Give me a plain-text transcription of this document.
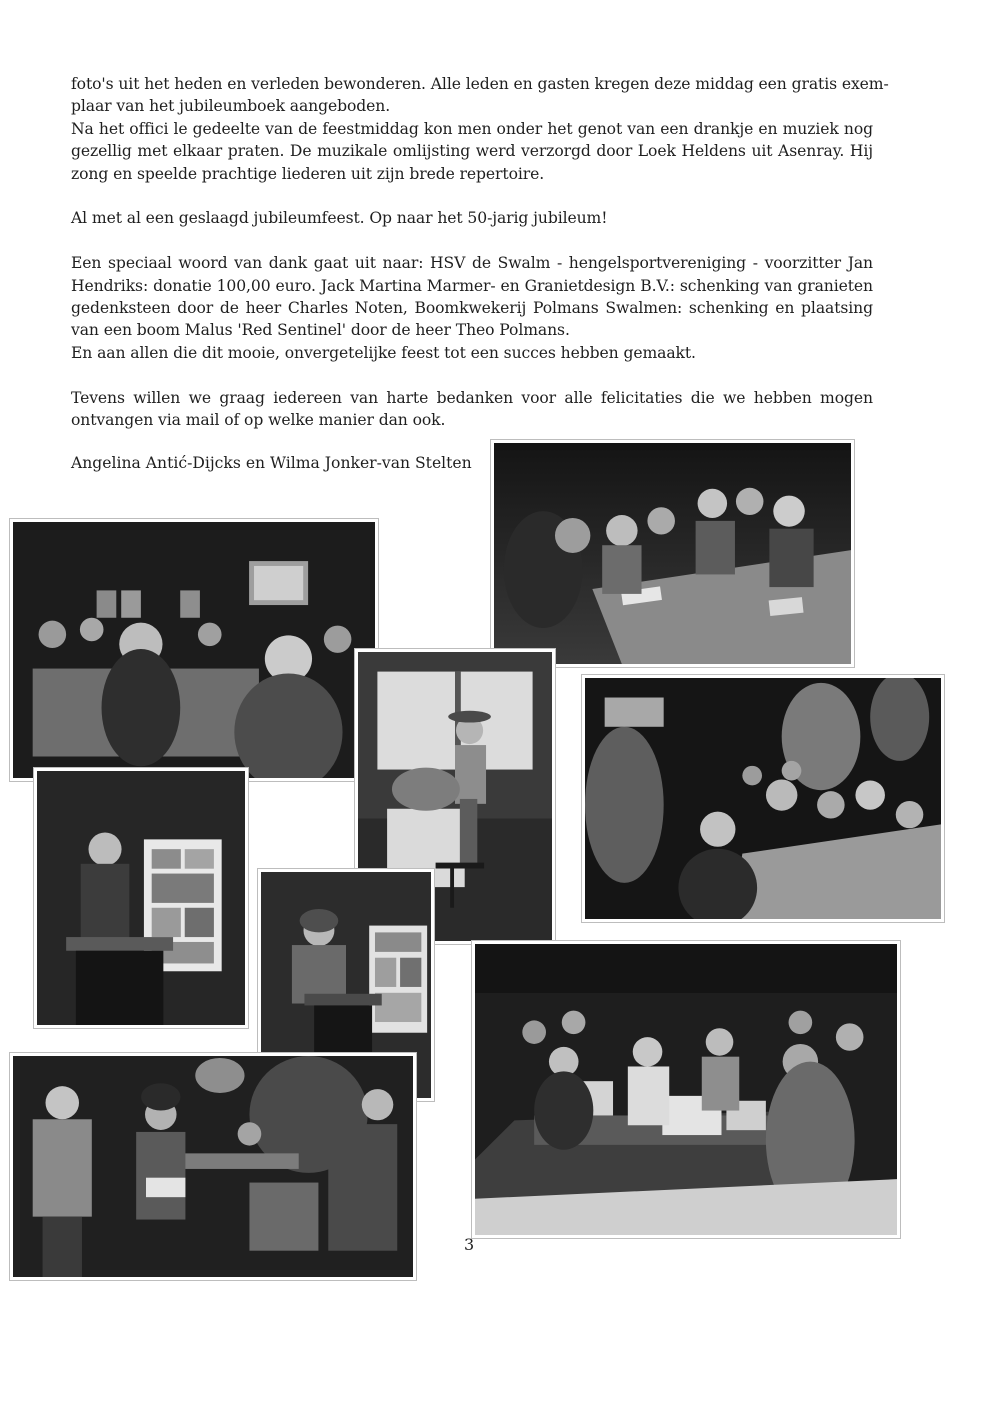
foto's uit het heden en verleden bewonderen. Alle leden en gasten kregen deze middag een gratis exem-

plaar van het jubileumboek aangeboden.

Na het offici le gedeelte van de feestmiddag kon men onder het genot van een drankje en muziek nog gezellig met elkaar praten. De muzikale omlijsting werd verzorgd door Loek Heldens uit Asenray. Hij zong en speelde prachtige liederen uit zijn brede repertoire.

Al met al een geslaagd jubileumfeest. Op naar het 50-jarig jubileum!

Een speciaal woord van dank gaat uit naar: HSV de Swalm - hengelsportvereniging - voorzitter Jan Hendriks: donatie 100,00 euro. Jack Martina Marmer- en Granietdesign B.V.: schenking van granieten gedenksteen door de heer Charles Noten, Boomkwekerij Polmans Swalmen: schenking en plaatsing van een boom Malus 'Red Sentinel' door de heer Theo Polmans.

En aan allen die dit mooie, onvergetelijke feest tot een succes hebben gemaakt.

Tevens willen we graag iedereen van harte bedanken voor alle felicitaties die we hebben mogen ontvangen via mail of op welke manier dan ook.

Angelina Antić-Dijcks en Wilma Jonker-van Stelten
3
